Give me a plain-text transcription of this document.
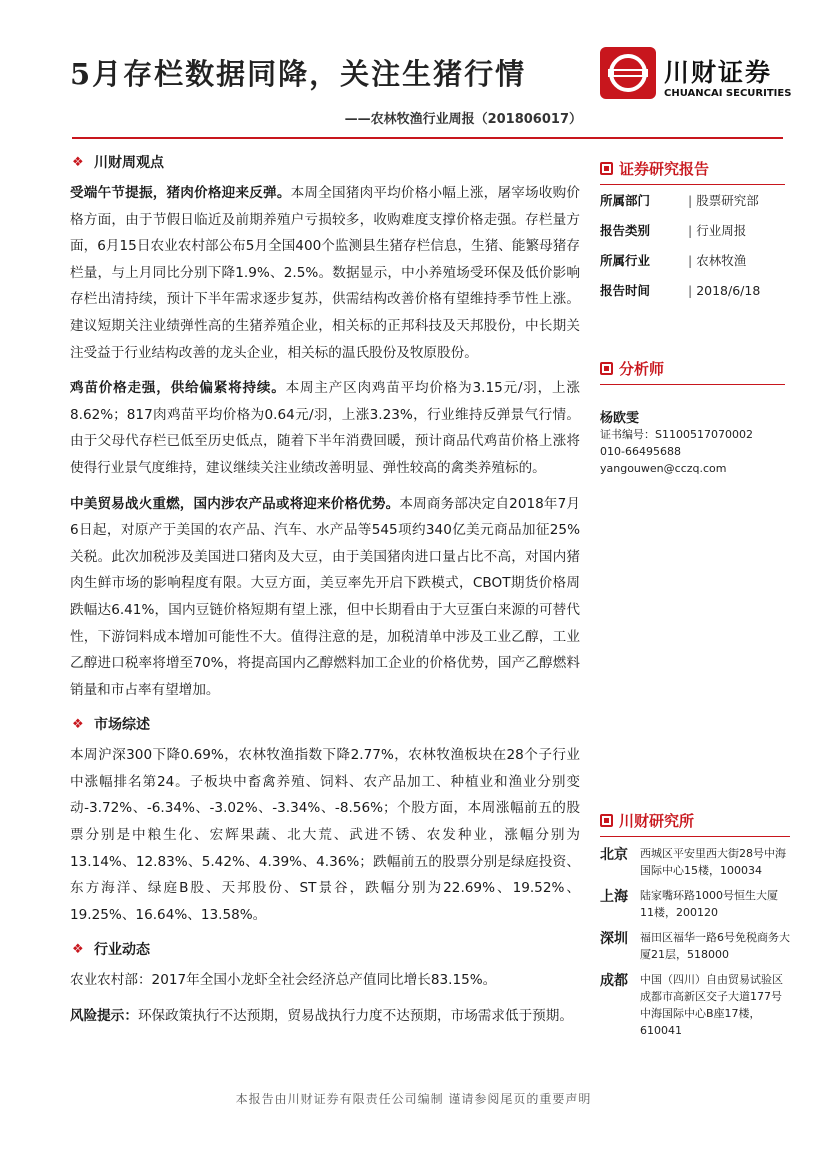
5月存栏数据同降，关注生猪行情
——农林牧渔行业周报（201806017）
川财证券
CHUANCAI SECURITIES
❖ 川财周观点

受端午节提振，猪肉价格迎来反弹。本周全国猪肉平均价格小幅上涨，屠宰场收购价格方面，由于节假日临近及前期养殖户亏损较多，收购难度支撑价格走强。存栏量方面，6月15日农业农村部公布5月全国400个监测县生猪存栏信息，生猪、能繁母猪存栏量，与上月同比分别下降1.9%、2.5%。数据显示，中小养殖场受环保及低价影响存栏出清持续，预计下半年需求逐步复苏，供需结构改善价格有望维持季节性上涨。建议短期关注业绩弹性高的生猪养殖企业，相关标的正邦科技及天邦股份，中长期关注受益于行业结构改善的龙头企业，相关标的温氏股份及牧原股份。

鸡苗价格走强，供给偏紧将持续。本周主产区肉鸡苗平均价格为3.15元/羽，上涨8.62%；817肉鸡苗平均价格为0.64元/羽，上涨3.23%，行业维持反弹景气行情。由于父母代存栏已低至历史低点，随着下半年消费回暖，预计商品代鸡苗价格上涨将使得行业景气度维持，建议继续关注业绩改善明显、弹性较高的禽类养殖标的。

中美贸易战火重燃，国内涉农产品或将迎来价格优势。本周商务部决定自2018年7月6日起，对原产于美国的农产品、汽车、水产品等545项约340亿美元商品加征25%关税。此次加税涉及美国进口猪肉及大豆，由于美国猪肉进口量占比不高，对国内猪肉生鲜市场的影响程度有限。大豆方面，美豆率先开启下跌模式，CBOT期货价格周跌幅达6.41%，国内豆链价格短期有望上涨，但中长期看由于大豆蛋白来源的可替代性，下游饲料成本增加可能性不大。值得注意的是，加税清单中涉及工业乙醇，工业乙醇进口税率将增至70%，将提高国内乙醇燃料加工企业的价格优势，国产乙醇燃料销量和市占率有望增加。

❖ 市场综述

本周沪深300下降0.69%，农林牧渔指数下降2.77%，农林牧渔板块在28个子行业中涨幅排名第24。子板块中畜禽养殖、饲料、农产品加工、种植业和渔业分别变动-3.72%、-6.34%、-3.02%、-3.34%、-8.56%；个股方面，本周涨幅前五的股票分别是中粮生化、宏辉果蔬、北大荒、武进不锈、农发种业，涨幅分别为13.14%、12.83%、5.42%、4.39%、4.36%；跌幅前五的股票分别是绿庭投资、东方海洋、绿庭B股、天邦股份、ST景谷，跌幅分别为22.69%、19.52%、19.25%、16.64%、13.58%。

❖ 行业动态

农业农村部：2017年全国小龙虾全社会经济总产值同比增长83.15%。

风险提示：环保政策执行不达预期，贸易战执行力度不达预期，市场需求低于预期。

证券研究报告
所属部门	| 股票研究部
报告类别	| 行业周报
所属行业	| 农林牧渔
报告时间	| 2018/6/18
分析师
杨欧雯
证书编号：S1100517070002
010-66495688
yangouwen@cczq.com
川财研究所
北京	西城区平安里西大街28号中海国际中心15楼，100034
上海	陆家嘴环路1000号恒生大厦11楼，200120
深圳	福田区福华一路6号免税商务大厦21层，518000
成都	中国（四川）自由贸易试验区成都市高新区交子大道177号中海国际中心B座17楼，610041
本报告由川财证券有限责任公司编制 谨请参阅尾页的重要声明
